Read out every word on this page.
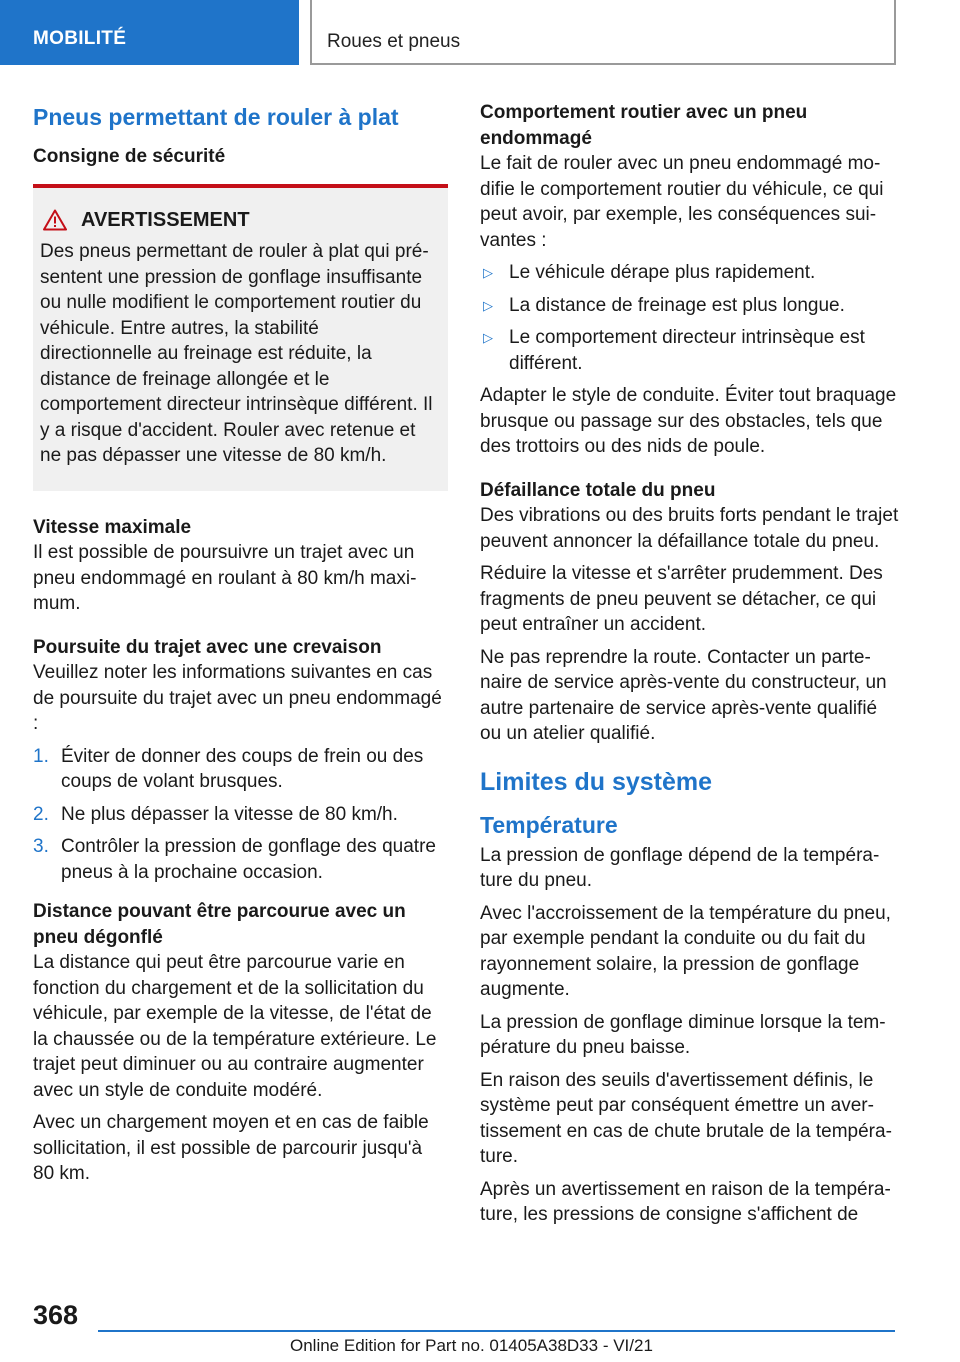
MOBILITÉ	Roues et pneus
Pneus permettant de rouler à plat
Consigne de sécurité
AVERTISSEMENT

Des pneus permettant de rouler à plat qui présentent une pression de gonflage insuffisante ou nulle modifient le comportement routier du véhicule. Entre autres, la stabilité directionnelle au freinage est réduite, la distance de freinage allongée et le comportement directeur intrinsèque différent. Il y a risque d'accident. Rouler avec retenue et ne pas dépasser une vitesse de 80 km/h.

Vitesse maximale

Il est possible de poursuivre un trajet avec un pneu endommagé en roulant à 80 km/h maximum.

Poursuite du trajet avec une crevaison

Veuillez noter les informations suivantes en cas de poursuite du trajet avec un pneu endommagé :

1. Éviter de donner des coups de frein ou des coups de volant brusques.
2. Ne plus dépasser la vitesse de 80 km/h.
3. Contrôler la pression de gonflage des quatre pneus à la prochaine occasion.
Distance pouvant être parcourue avec un pneu dégonflé

La distance qui peut être parcourue varie en fonction du chargement et de la sollicitation du véhicule, par exemple de la vitesse, de l'état de la chaussée ou de la température extérieure. Le trajet peut diminuer ou au contraire augmenter avec un style de conduite modéré.

Avec un chargement moyen et en cas de faible sollicitation, il est possible de parcourir jusqu'à 80 km.

Comportement routier avec un pneu endommagé

Le fait de rouler avec un pneu endommagé modifie le comportement routier du véhicule, ce qui peut avoir, par exemple, les conséquences suivantes :

▷ Le véhicule dérape plus rapidement.
▷ La distance de freinage est plus longue.
▷ Le comportement directeur intrinsèque est différent.

Adapter le style de conduite. Éviter tout braquage brusque ou passage sur des obstacles, tels que des trottoirs ou des nids de poule.

Défaillance totale du pneu

Des vibrations ou des bruits forts pendant le trajet peuvent annoncer la défaillance totale du pneu.

Réduire la vitesse et s'arrêter prudemment. Des fragments de pneu peuvent se détacher, ce qui peut entraîner un accident.

Ne pas reprendre la route. Contacter un partenaire de service après-vente du constructeur, un autre partenaire de service après-vente qualifié ou un atelier qualifié.

Limites du système
Température

La pression de gonflage dépend de la température du pneu.

Avec l'accroissement de la température du pneu, par exemple pendant la conduite ou du fait du rayonnement solaire, la pression de gonflage augmente.

La pression de gonflage diminue lorsque la température du pneu baisse.

En raison des seuils d'avertissement définis, le système peut par conséquent émettre un avertissement en cas de chute brutale de la température.

Après un avertissement en raison de la température, les pressions de consigne s'affichent de

368
Online Edition for Part no. 01405A38D33 - VI/21
